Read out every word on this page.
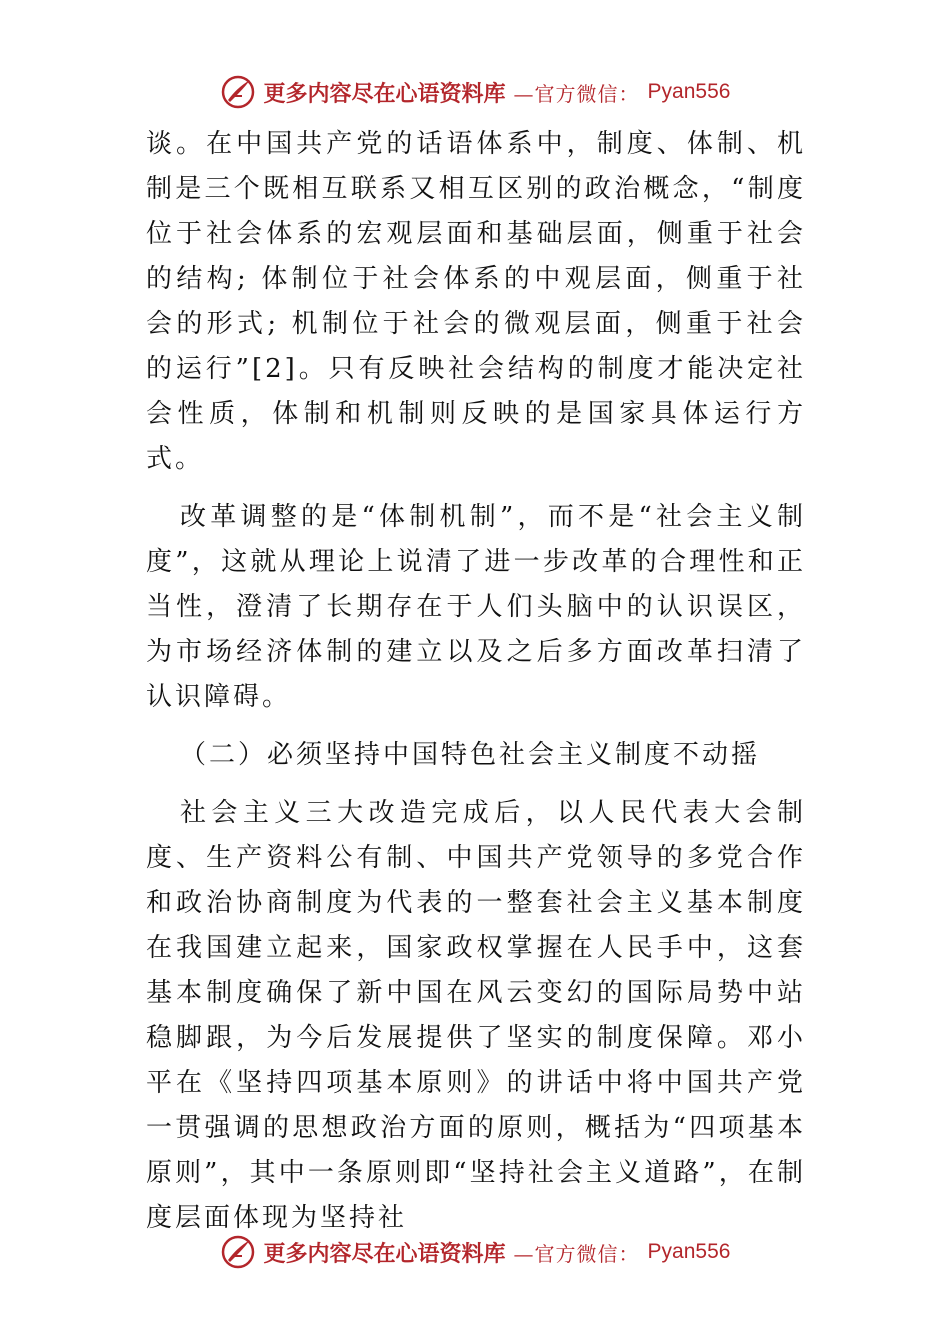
更多内容尽在心语资料库 —官方微信： Pyan556

谈。在中国共产党的话语体系中，制度、体制、机制是三个既相互联系又相互区别的政治概念，“制度位于社会体系的宏观层面和基础层面，侧重于社会的结构; 体制位于社会体系的中观层面，侧重于社会的形式; 机制位于社会的微观层面，侧重于社会的运行”[2]。只有反映社会结构的制度才能决定社会性质，体制和机制则反映的是国家具体运行方式。

改革调整的是“体制机制”，而不是“社会主义制度”，这就从理论上说清了进一步改革的合理性和正当性，澄清了长期存在于人们头脑中的认识误区，为市场经济体制的建立以及之后多方面改革扫清了认识障碍。

（二）必须坚持中国特色社会主义制度不动摇

社会主义三大改造完成后，以人民代表大会制度、生产资料公有制、中国共产党领导的多党合作和政治协商制度为代表的一整套社会主义基本制度在我国建立起来，国家政权掌握在人民手中，这套基本制度确保了新中国在风云变幻的国际局势中站稳脚跟，为今后发展提供了坚实的制度保障。邓小平在《坚持四项基本原则》的讲话中将中国共产党一贯强调的思想政治方面的原则，概括为“四项基本原则”，其中一条原则即“坚持社会主义道路”，在制度层面体现为坚持社

更多内容尽在心语资料库 —官方微信： Pyan556
